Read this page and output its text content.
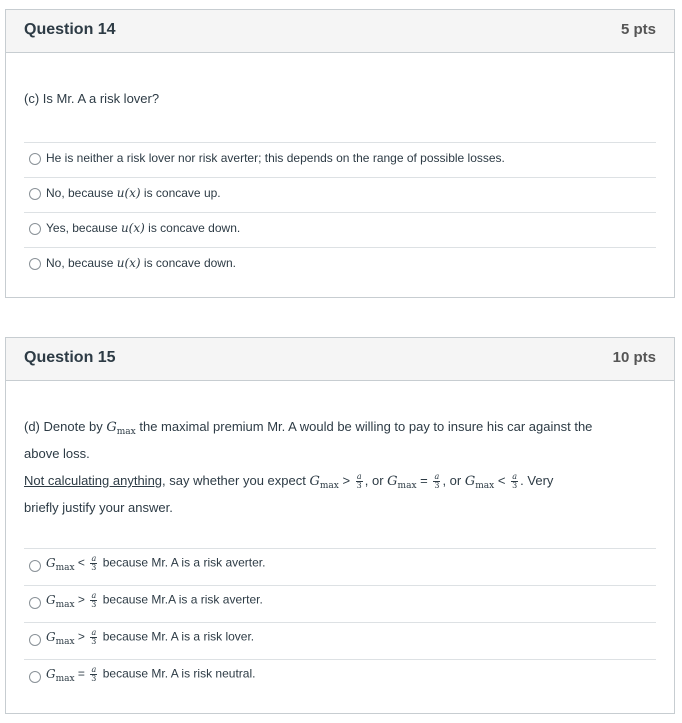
Question 14	5 pts
(c) Is Mr. A a risk lover?
He is neither a risk lover nor risk averter; this depends on the range of possible losses.
No, because u(x) is concave up.
Yes, because u(x) is concave down.
No, because u(x) is concave down.
Question 15	10 pts
(d) Denote by $G_{max}$ the maximal premium Mr. A would be willing to pay to insure his car against the
above loss.
Not calculating anything, say whether you expect $G_{max} > \frac{a}{3}$ , or $G_{max} = \frac{a}{3}$ , or $G_{max} < \frac{a}{3}$ . Very
briefly justify your answer.
$G_{max} < \frac{a}{3}$ because Mr. A is a risk averter.
$G_{max} > \frac{a}{3}$ because Mr.A is a risk averter.
$G_{max} > \frac{a}{3}$ because Mr. A is a risk lover.
$G_{max} = \frac{a}{3}$ because Mr. A is risk neutral.
